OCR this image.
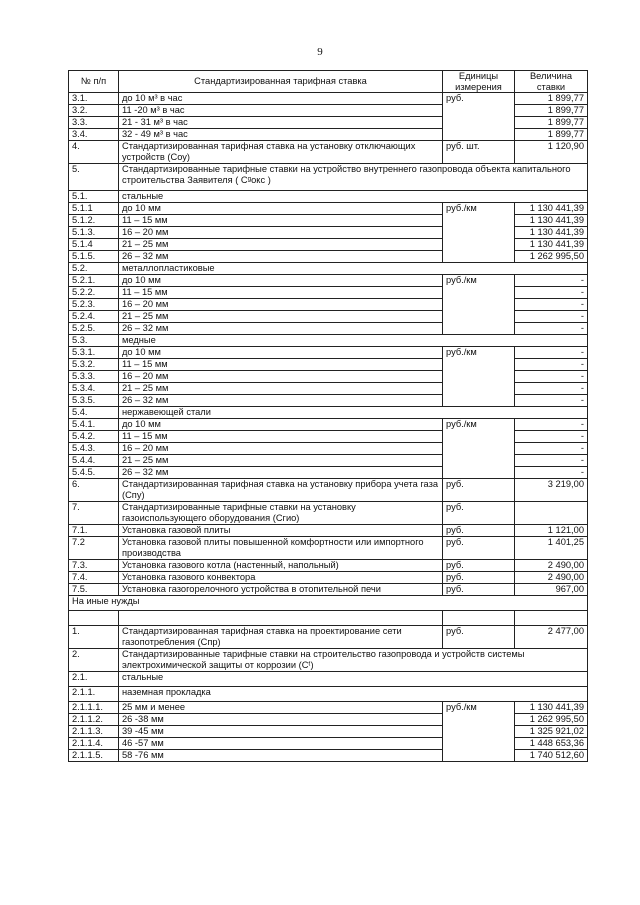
9
№ п/п	Стандартизированная тарифная ставка	Единицы измерения	Величина ставки
3.1.	до 10 м³ в час	руб.	1 899,77
3.2.	11 -20 м³ в час		1 899,77
3.3.	21 - 31 м³ в час		1 899,77
3.4.	32 - 49 м³ в час		1 899,77
4.	Стандартизированная тарифная ставка на установку отключающих устройств (Cоу)	руб. шт.	1 120,90
5.	Стандартизированные тарифные ставки на устройство внутреннего газопровода объекта капитального строительства Заявителя ( Cᵍокс )		
5.1.	стальные		
5.1.1	до 10 мм	руб./км	1 130 441,39
5.1.2.	11 – 15 мм		1 130 441,39
5.1.3.	16 – 20 мм		1 130 441,39
5.1.4	21 – 25 мм		1 130 441,39
5.1.5.	26 – 32 мм		1 262 995,50
5.2.	металлопластиковые		
5.2.1.	до 10 мм	руб./км	-
5.2.2.	11 – 15 мм		-
5.2.3.	16 – 20 мм		-
5.2.4.	21 – 25 мм		-
5.2.5.	26 – 32 мм		-
5.3.	медные		
5.3.1.	до 10 мм	руб./км	-
5.3.2.	11 – 15 мм		-
5.3.3.	16 – 20 мм		-
5.3.4.	21 – 25 мм		-
5.3.5.	26 – 32 мм		-
5.4.	нержавеющей стали		
5.4.1.	до 10 мм	руб./км	-
5.4.2.	11 – 15 мм		-
5.4.3.	16 – 20 мм		-
5.4.4.	21 – 25 мм		-
5.4.5.	26 – 32 мм		-
6.	Стандартизированная тарифная ставка на установку прибора учета газа (Cпу)	руб.	3 219,00
7.	Стандартизированные тарифные ставки на установку газоиспользующего оборудования (Cгио)	руб.	
7.1.	Установка газовой плиты	руб.	1 121,00
7.2	Установка газовой плиты повышенной комфортности или импортного производства	руб.	1 401,25
7.3.	Установка газового котла (настенный, напольный)	руб.	2 490,00
7.4.	Установка газового конвектора	руб.	2 490,00
7.5.	Установка газогорелочного устройства в отопительной печи	руб.	967,00
На иные нужды			

1.	Стандартизированная тарифная ставка на проектирование сети газопотребления (Cпр)	руб.	2 477,00
2.	Стандартизированные тарифные ставки на строительство газопровода и устройств системы электрохимической защиты от коррозии (Cᵗ)		
2.1.	стальные		
2.1.1.	наземная прокладка		
2.1.1.1.	25 мм и менее	руб./км	1 130 441,39
2.1.1.2.	26 -38 мм		1 262 995,50
2.1.1.3.	39 -45 мм		1 325 921,02
2.1.1.4.	46 -57 мм		1 448 653,36
2.1.1.5.	58 -76 мм		1 740 512,60
